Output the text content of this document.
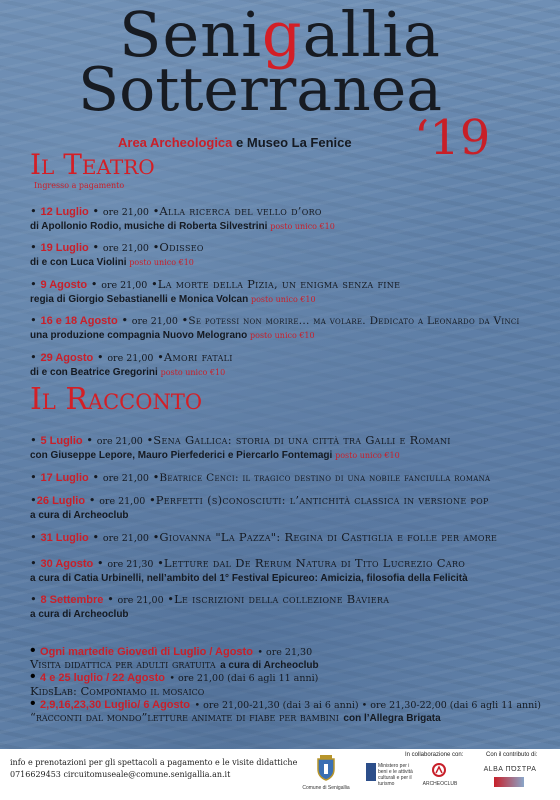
Senigallia
Sotterranea
‘19
Area Archeologica e Museo La Fenice
Il Teatro
Ingresso a pagamento
• 12 Luglio • ore 21,00 •Alla ricerca del vello d’oro
di Apollonio Rodio, musiche di Roberta Silvestrini posto unico €10
• 19 Luglio • ore 21,00 •Odisseo
di e con Luca Violini posto unico €10
• 9 Agosto • ore 21,00 •La morte della Pizia, un enigma senza fine
regia di Giorgio Sebastianelli e Monica Volcan posto unico €10
• 16 e 18 Agosto • ore 21,00 •Se potessi non morire... ma volare. Dedicato a Leonardo da Vinci
una produzione compagnia Nuovo Melograno posto unico €10
• 29 Agosto • ore 21,00 •Amori fatali
di e con Beatrice Gregorini posto unico €10
Il Racconto
• 5 Luglio • ore 21,00 •Sena Gallica: storia di una città tra Galli e Romani
con Giuseppe Lepore, Mauro Pierfederici e Piercarlo Fontemagi posto unico €10
• 17 Luglio • ore 21,00 •Beatrice Cenci: il tragico destino di una nobile fanciulla romana
•26 Luglio • ore 21,00 •Perfetti (s)conosciuti: l’antichità classica in versione pop
a cura di Archeoclub
• 31 Luglio • ore 21,00 •Giovanna "La Pazza": Regina di Castiglia e folle per amore
• 30 Agosto • ore 21,30 •Letture dal De Rerum Natura di Tito Lucrezio Caro
a cura di Catia Urbinelli, nell’ambito del 1° Festival Epicureo: Amicizia, filosofia della Felicità
• 8 Settembre • ore 21,00 •Le iscrizioni della collezione Baviera
a cura di Archeoclub
• Ogni martedie Giovedì di Luglio / Agosto • ore 21,30
Visita didattica per adulti gratuita a cura di Archeoclub
• 4 e 25 luglio / 22 Agosto • ore 21,00 (dai 6 agli 11 anni)
KidsLab: Componiamo il mosaico
• 2,9,16,23,30 Luglio/ 6 Agosto • ore 21,00-21,30 (dai 3 ai 6 anni) • ore 21,30-22,00 (dai 6 agli 11 anni)
“racconti dal mondo”letture animate di fiabe per bambini con l’Allegra Brigata
info e prenotazioni per gli spettacoli a pagamento e le visite didattiche
0716629453 circuitomuseale@comune.senigallia.an.it
Comune di Senigallia
In collaborazione con:
Ministero per i beni e le attività culturali e per il turismo	ARCHEOCLUB
Con il contributo di:
ALBA ΠΌΣΤΡΑ
